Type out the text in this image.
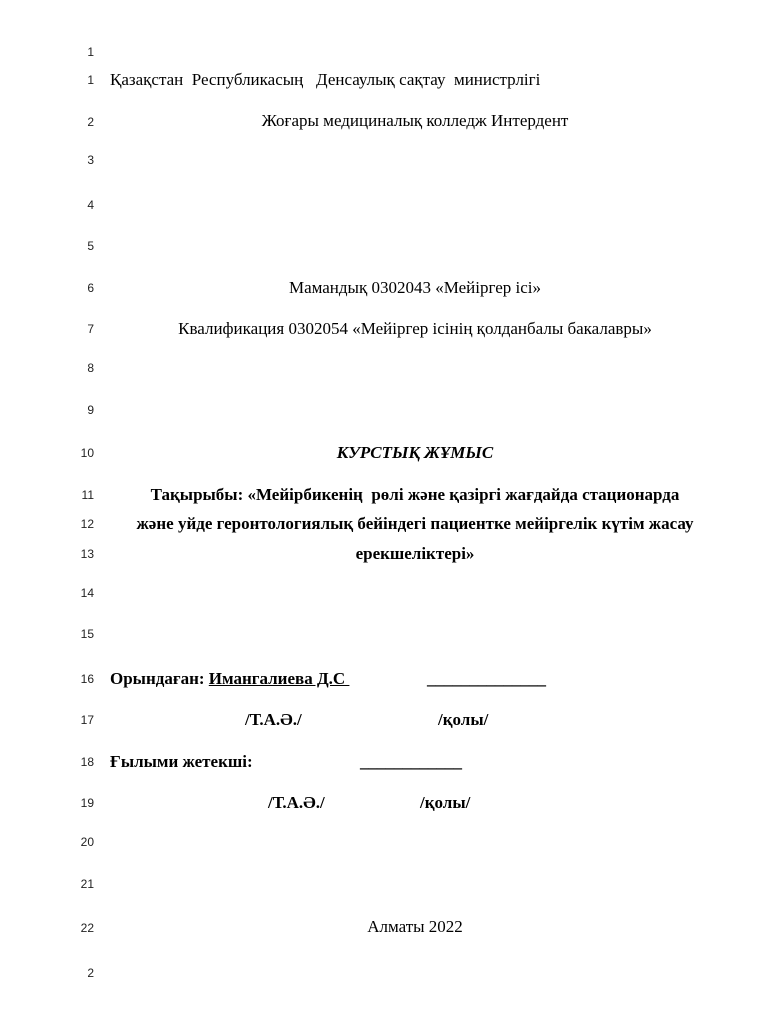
1
1
2
3
4
5
6
7
8
9
10
11
12
13
14
15
16
17
18
19
20
21
22
2
Қазақстан  Республикасың   Денсаулық сақтау  министрлігі
Жоғары медициналық колледж Интердент
Мамандық 0302043 «Мейіргер ісі»
Квалификация 0302054 «Мейіргер ісінің қолданбалы бакалавры»
КУРСТЫҚ ЖҰМЫС
Тақырыбы: «Мейірбикенің  рөлі және қазіргі жағдайда стационарда
және уйде геронтологиялық бейіндегі пациентке мейіргелік күтім жасау
ерекшеліктері»
Орындаған: Имангалиева Д.С	______________
/Т.А.Ә./	/қолы/
Ғылыми жетекші:	____________
/Т.А.Ә./	/қолы/
Алматы 2022
